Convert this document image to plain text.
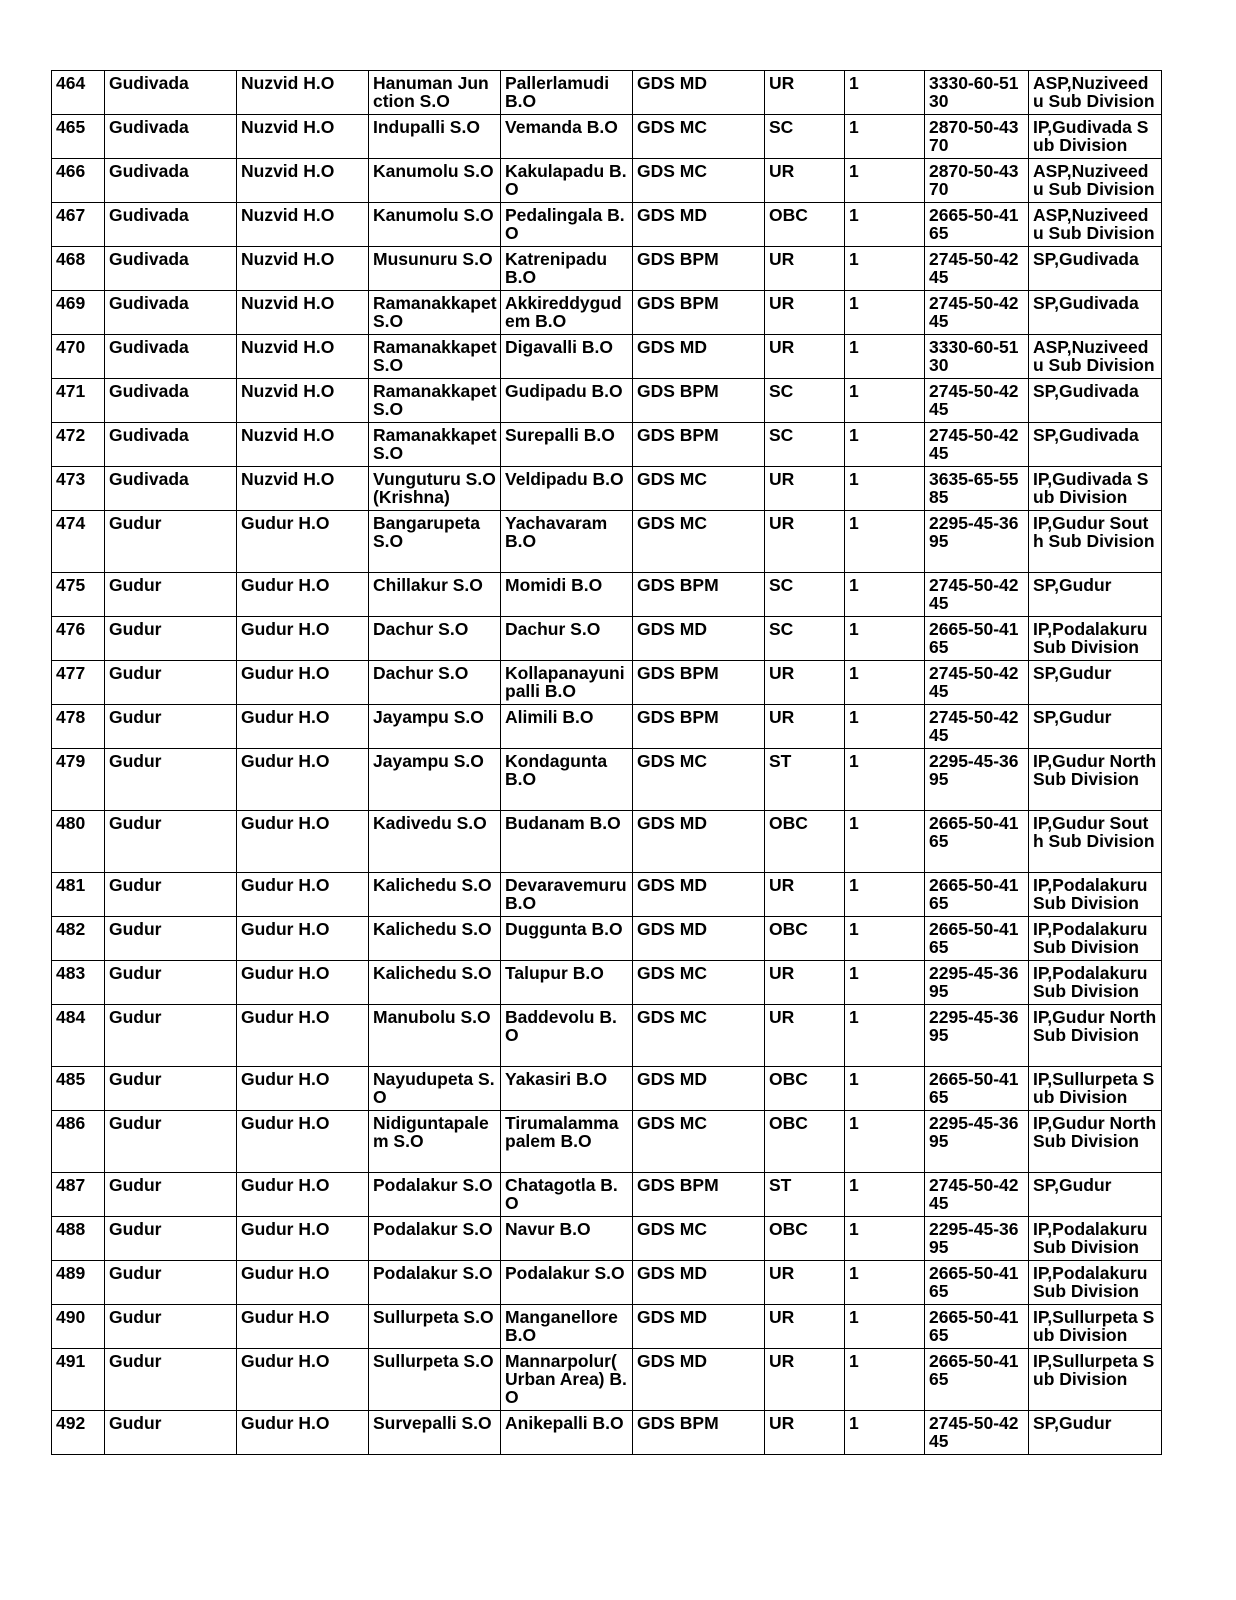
464	Gudivada	Nuzvid H.O	Hanuman Junction S.O	Pallerlamudi B.O	GDS MD	UR	1	3330-60-5130	ASP,Nuziveedu Sub Division
465	Gudivada	Nuzvid H.O	Indupalli S.O	Vemanda B.O	GDS MC	SC	1	2870-50-4370	IP,Gudivada Sub Division
466	Gudivada	Nuzvid H.O	Kanumolu S.O	Kakulapadu B.O	GDS MC	UR	1	2870-50-4370	ASP,Nuziveedu Sub Division
467	Gudivada	Nuzvid H.O	Kanumolu S.O	Pedalingala B.O	GDS MD	OBC	1	2665-50-4165	ASP,Nuziveedu Sub Division
468	Gudivada	Nuzvid H.O	Musunuru S.O	Katrenipadu B.O	GDS BPM	UR	1	2745-50-4245	SP,Gudivada
469	Gudivada	Nuzvid H.O	Ramanakkapet S.O	Akkireddygudem B.O	GDS BPM	UR	1	2745-50-4245	SP,Gudivada
470	Gudivada	Nuzvid H.O	Ramanakkapet S.O	Digavalli B.O	GDS MD	UR	1	3330-60-5130	ASP,Nuziveedu Sub Division
471	Gudivada	Nuzvid H.O	Ramanakkapet S.O	Gudipadu B.O	GDS BPM	SC	1	2745-50-4245	SP,Gudivada
472	Gudivada	Nuzvid H.O	Ramanakkapet S.O	Surepalli B.O	GDS BPM	SC	1	2745-50-4245	SP,Gudivada
473	Gudivada	Nuzvid H.O	Vunguturu S.O (Krishna)	Veldipadu B.O	GDS MC	UR	1	3635-65-5585	IP,Gudivada Sub Division
474	Gudur	Gudur H.O	Bangarupeta S.O	Yachavaram B.O	GDS MC	UR	1	2295-45-3695	IP,Gudur South Sub Division
475	Gudur	Gudur H.O	Chillakur S.O	Momidi B.O	GDS BPM	SC	1	2745-50-4245	SP,Gudur
476	Gudur	Gudur H.O	Dachur S.O	Dachur S.O	GDS MD	SC	1	2665-50-4165	IP,Podalakuru Sub Division
477	Gudur	Gudur H.O	Dachur S.O	Kollapanayunipalli B.O	GDS BPM	UR	1	2745-50-4245	SP,Gudur
478	Gudur	Gudur H.O	Jayampu S.O	Alimili B.O	GDS BPM	UR	1	2745-50-4245	SP,Gudur
479	Gudur	Gudur H.O	Jayampu S.O	Kondagunta B.O	GDS MC	ST	1	2295-45-3695	IP,Gudur North Sub Division
480	Gudur	Gudur H.O	Kadivedu S.O	Budanam B.O	GDS MD	OBC	1	2665-50-4165	IP,Gudur South Sub Division
481	Gudur	Gudur H.O	Kalichedu S.O	Devaravemuru B.O	GDS MD	UR	1	2665-50-4165	IP,Podalakuru Sub Division
482	Gudur	Gudur H.O	Kalichedu S.O	Duggunta B.O	GDS MD	OBC	1	2665-50-4165	IP,Podalakuru Sub Division
483	Gudur	Gudur H.O	Kalichedu S.O	Talupur B.O	GDS MC	UR	1	2295-45-3695	IP,Podalakuru Sub Division
484	Gudur	Gudur H.O	Manubolu S.O	Baddevolu B.O	GDS MC	UR	1	2295-45-3695	IP,Gudur North Sub Division
485	Gudur	Gudur H.O	Nayudupeta S.O	Yakasiri B.O	GDS MD	OBC	1	2665-50-4165	IP,Sullurpeta Sub Division
486	Gudur	Gudur H.O	Nidiguntapalem S.O	Tirumalammapalem B.O	GDS MC	OBC	1	2295-45-3695	IP,Gudur North Sub Division
487	Gudur	Gudur H.O	Podalakur S.O	Chatagotla B.O	GDS BPM	ST	1	2745-50-4245	SP,Gudur
488	Gudur	Gudur H.O	Podalakur S.O	Navur B.O	GDS MC	OBC	1	2295-45-3695	IP,Podalakuru Sub Division
489	Gudur	Gudur H.O	Podalakur S.O	Podalakur S.O	GDS MD	UR	1	2665-50-4165	IP,Podalakuru Sub Division
490	Gudur	Gudur H.O	Sullurpeta S.O	Manganellore B.O	GDS MD	UR	1	2665-50-4165	IP,Sullurpeta Sub Division
491	Gudur	Gudur H.O	Sullurpeta S.O	Mannarpolur( Urban Area) B.O	GDS MD	UR	1	2665-50-4165	IP,Sullurpeta Sub Division
492	Gudur	Gudur H.O	Survepalli S.O	Anikepalli B.O	GDS BPM	UR	1	2745-50-4245	SP,Gudur
